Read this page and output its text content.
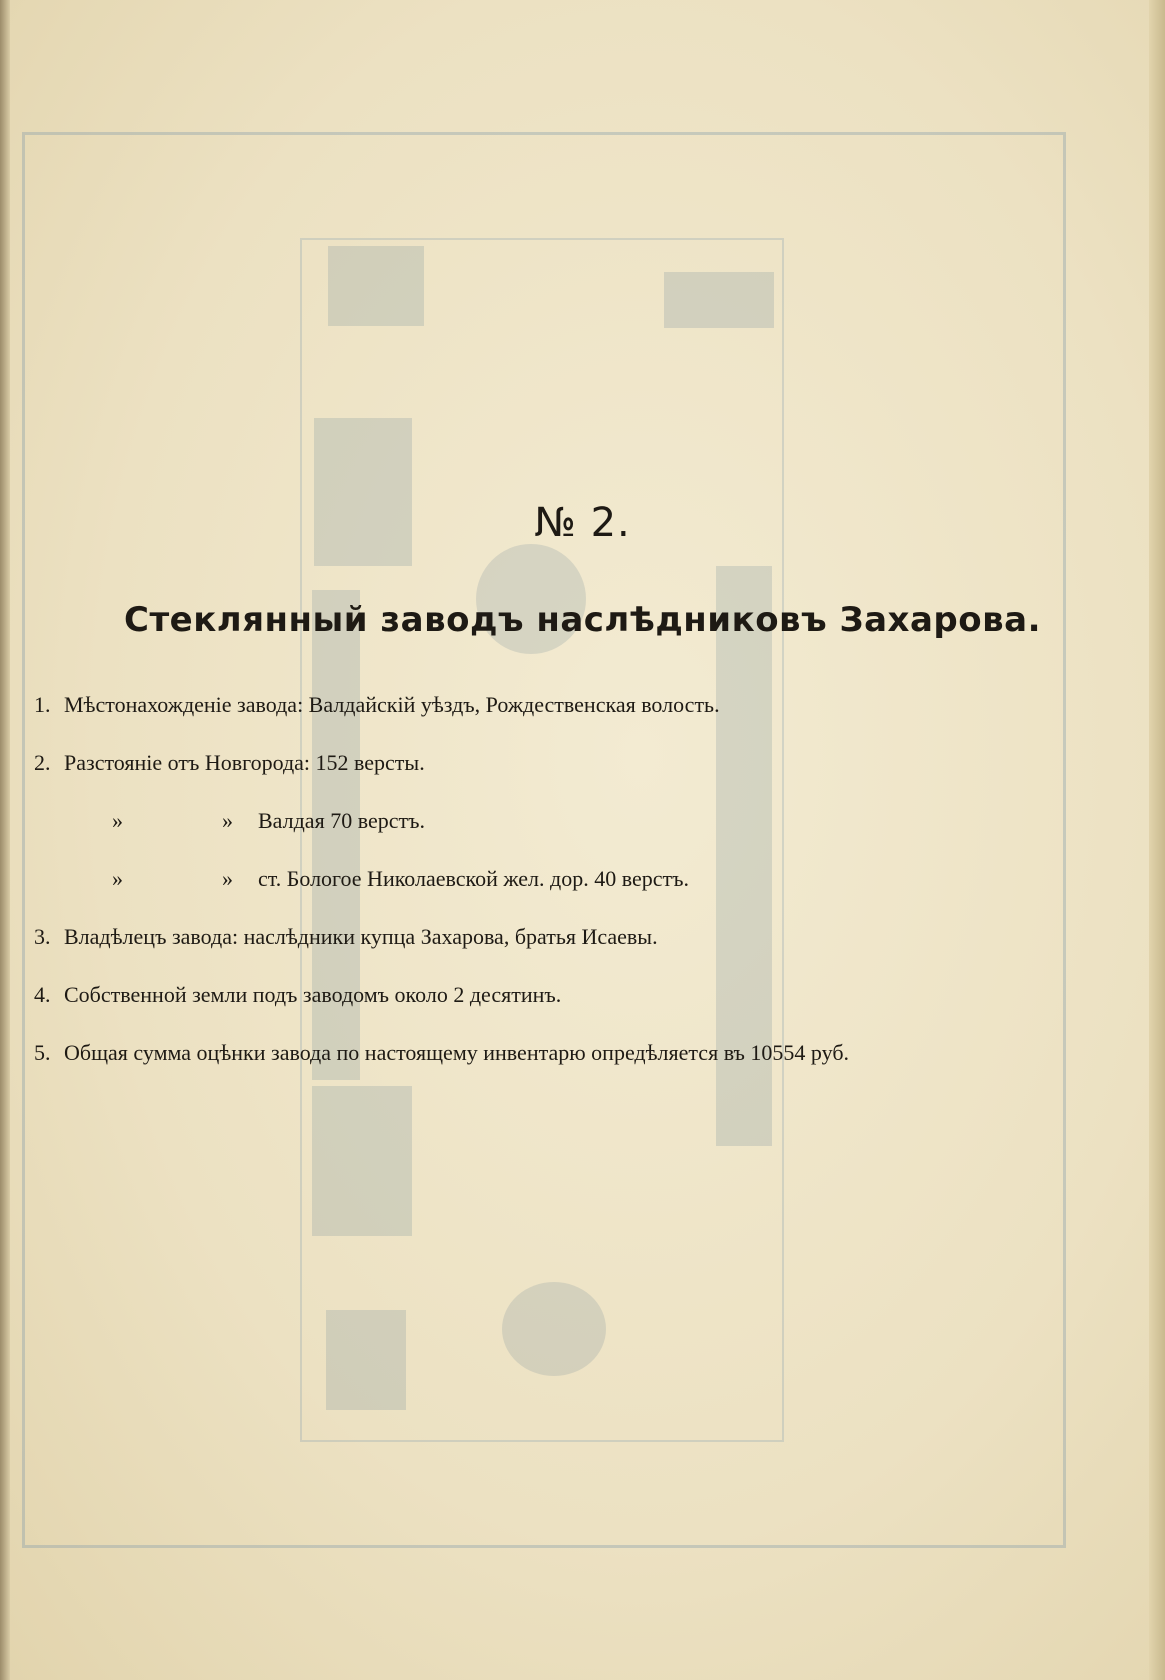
№ 2.
Стеклянный заводъ наслѣдниковъ Захарова.
1. Мѣстонахожденіе завода: Валдайскій уѣздъ, Рождественская волость.
2. Разстояніе отъ Новгорода: 152 версты.
»	» Валдая 70 верстъ.
»	» ст. Бологое Николаевской жел. дор. 40 верстъ.
3. Владѣлецъ завода: наслѣдники купца Захарова, братья Исаевы.
4. Собственной земли подъ заводомъ около 2 десятинъ.
5. Общая сумма оцѣнки завода по настоящему инвентарю опредѣляется въ 10554 руб.
